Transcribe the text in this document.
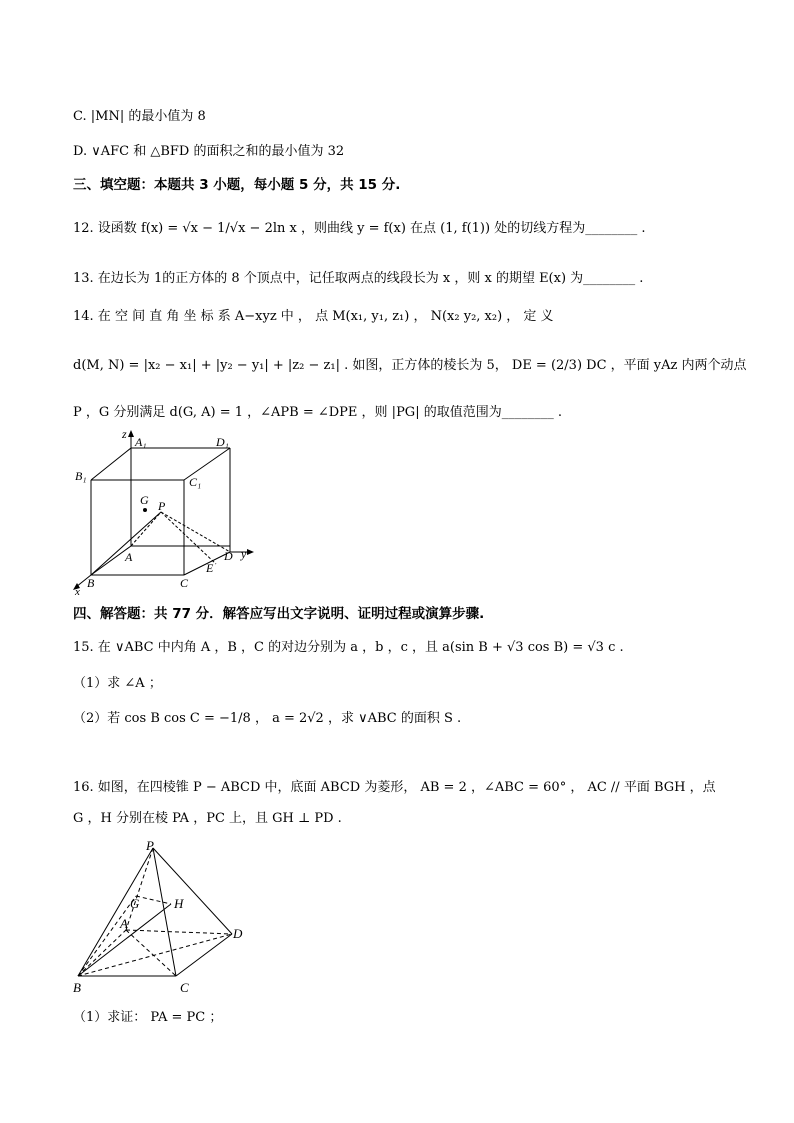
C. |MN| 的最小值为 8
D. ∨AFC 和 △BFD 的面积之和的最小值为 32
三、填空题：本题共 3 小题，每小题 5 分，共 15 分.
12. 设函数 f(x) = √x − 1/√x − 2ln x ，则曲线 y = f(x) 在点 (1, f(1)) 处的切线方程为________ .
13. 在边长为 1的正方体的 8 个顶点中，记任取两点的线段长为 x ，则 x 的期望 E(x) 为________ .
14. 在 空 间 直 角 坐 标 系 A−xyz 中 ， 点 M(x₁, y₁, z₁) ， N(x₂ y₂, x₂) ， 定 义
d(M, N) = |x₂ − x₁| + |y₂ − y₁| + |z₂ − z₁| . 如图，正方体的棱长为 5， DE = (2/3) DC ，平面 yAz 内两个动点
P ，G 分别满足 d(G, A) = 1 ，∠APB = ∠DPE ，则 |PG| 的取值范围为________ .
z
A₁	D₁
B₁	C₁
G P
A	D y
E
B	C
x
四、解答题：共 77 分．解答应写出文字说明、证明过程或演算步骤.
15. 在 ∨ABC 中内角 A ，B ，C 的对边分别为 a ，b ，c ，且 a(sin B + √3 cos B) = √3 c .
（1）求 ∠A ；
（2）若 cos B cos C = −1/8 ， a = 2√2 ，求 ∨ABC 的面积 S .
16. 如图，在四棱锥 P − ABCD 中，底面 ABCD 为菱形， AB = 2 ，∠ABC = 60° ， AC // 平面 BGH ，点
G ，H 分别在棱 PA ，PC 上，且 GH ⊥ PD .
P
G	H
A
D
B	C
（1）求证： PA = PC ；
